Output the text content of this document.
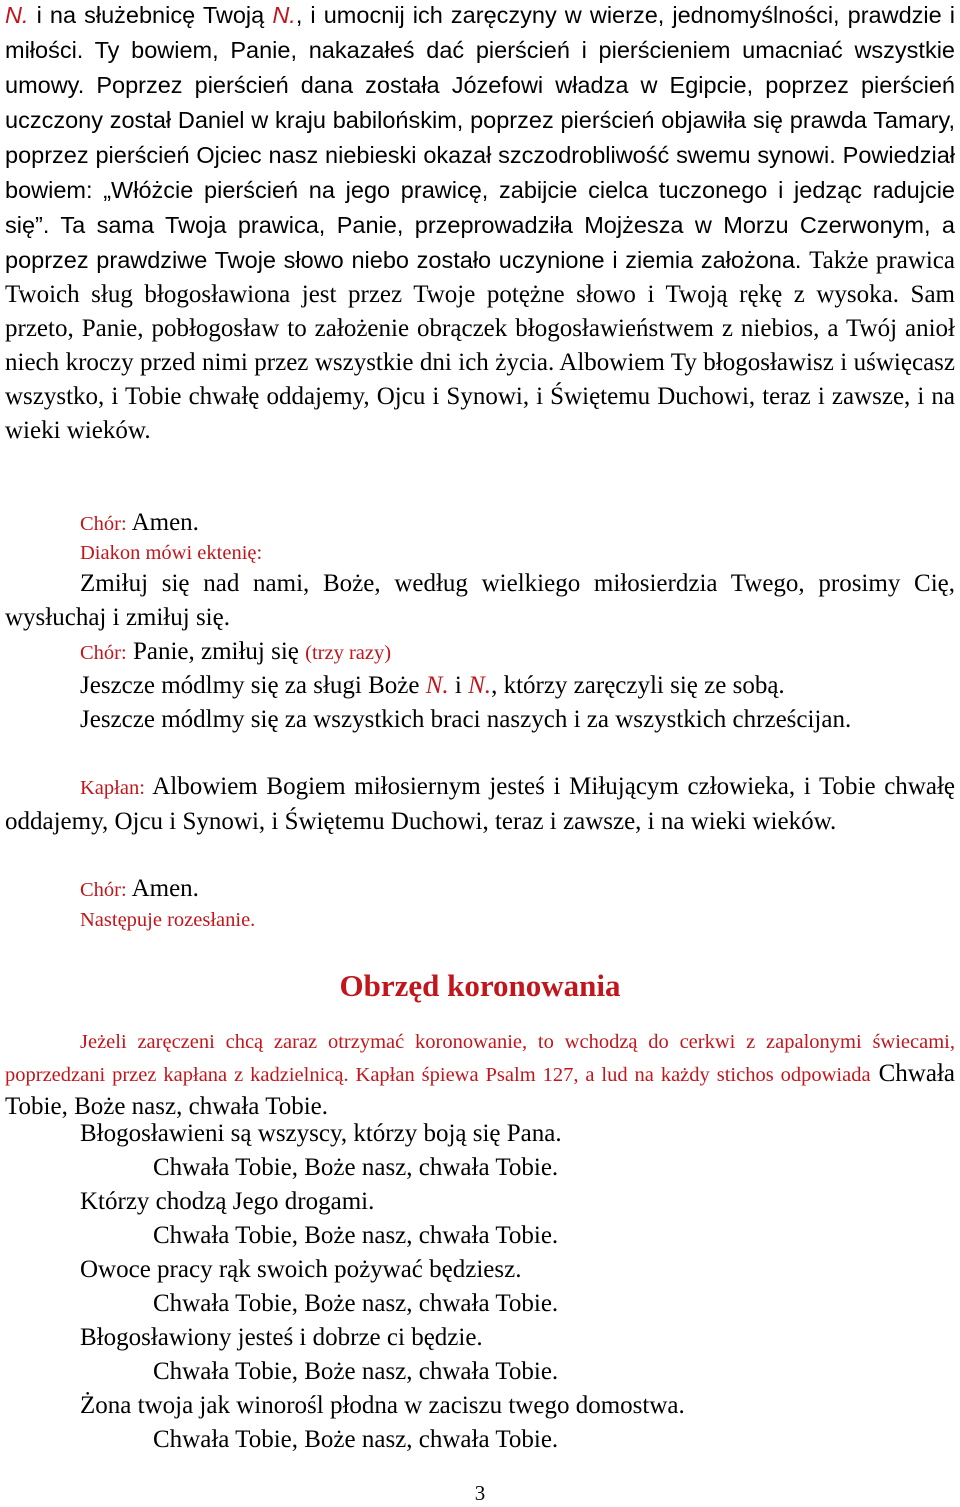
N. i na służebnicę Twoją N., i umocnij ich zaręczyny w wierze, jednomyślności, prawdzie i miłości. Ty bowiem, Panie, nakazałeś dać pierścień i pierścieniem umacniać wszystkie umowy. Poprzez pierścień dana została Józefowi władza w Egipcie, poprzez pierścień uczczony został Daniel w kraju babilońskim, poprzez pierścień objawiła się prawda Tamary, poprzez pierścień Ojciec nasz niebieski okazał szczodrobliwość swemu synowi. Powiedział bowiem: „Włóżcie pierścień na jego prawicę, zabijcie cielca tuczonego i jedząc radujcie się”. Ta sama Twoja prawica, Panie, przeprowadziła Mojżesza w Morzu Czerwonym, a poprzez prawdziwe Twoje słowo niebo zostało uczynione i ziemia założona. Także prawica Twoich sług błogosławiona jest przez Twoje potężne słowo i Twoją rękę z wysoka. Sam przeto, Panie, pobłogosław to założenie obrączek błogosławieństwem z niebios, a Twój anioł niech kroczy przed nimi przez wszystkie dni ich życia. Albowiem Ty błogosławisz i uświęcasz wszystko, i Tobie chwałę oddajemy, Ojcu i Synowi, i Świętemu Duchowi, teraz i zawsze, i na wieki wieków.

Chór: Amen.

Diakon mówi ektenię:

Zmiłuj się nad nami, Boże, według wielkiego miłosierdzia Twego, prosimy Cię, wysłuchaj i zmiłuj się.

Chór: Panie, zmiłuj się (trzy razy)

Jeszcze módlmy się za sługi Boże N. i N., którzy zaręczyli się ze sobą.

Jeszcze módlmy się za wszystkich braci naszych i za wszystkich chrześcijan.

Kapłan: Albowiem Bogiem miłosiernym jesteś i Miłującym człowieka, i Tobie chwałę oddajemy, Ojcu i Synowi, i Świętemu Duchowi, teraz i zawsze, i na wieki wieków.

Chór: Amen.

Następuje rozesłanie.

Obrzęd koronowania

Jeżeli zaręczeni chcą zaraz otrzymać koronowanie, to wchodzą do cerkwi z zapalonymi świecami, poprzedzani przez kapłana z kadzielnicą. Kapłan śpiewa Psalm 127, a lud na każdy stichos odpowiada Chwała Tobie, Boże nasz, chwała Tobie.

Błogosławieni są wszyscy, którzy boją się Pana.

Chwała Tobie, Boże nasz, chwała Tobie.

Którzy chodzą Jego drogami.

Chwała Tobie, Boże nasz, chwała Tobie.

Owoce pracy rąk swoich pożywać będziesz.

Chwała Tobie, Boże nasz, chwała Tobie.

Błogosławiony jesteś i dobrze ci będzie.

Chwała Tobie, Boże nasz, chwała Tobie.

Żona twoja jak winorośl płodna w zaciszu twego domostwa.

Chwała Tobie, Boże nasz, chwała Tobie.

3
